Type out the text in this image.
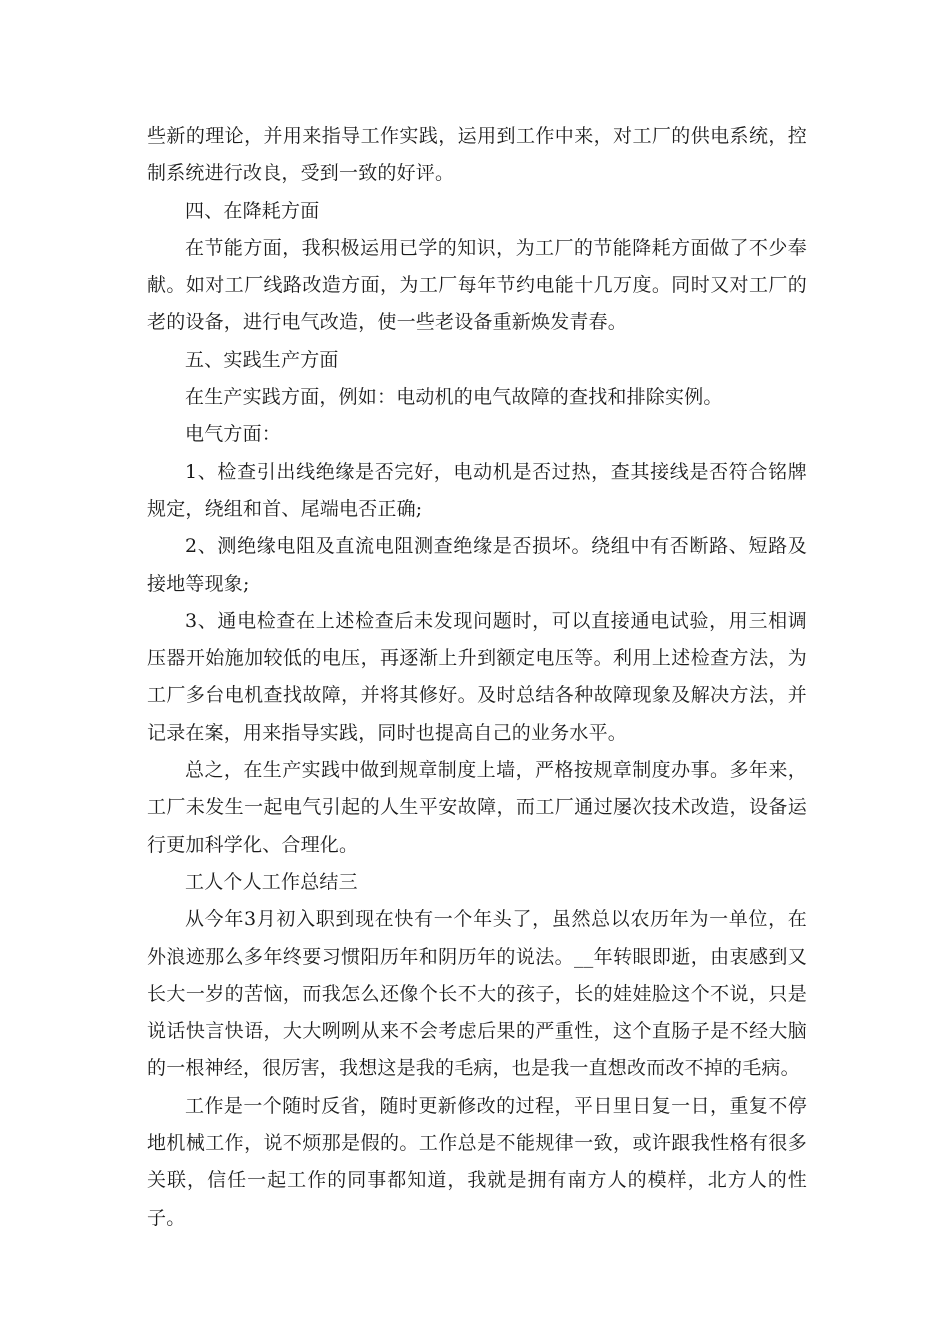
些新的理论，并用来指导工作实践，运用到工作中来，对工厂的供电系统，控制系统进行改良，受到一致的好评。

四、在降耗方面

在节能方面，我积极运用已学的知识，为工厂的节能降耗方面做了不少奉献。如对工厂线路改造方面，为工厂每年节约电能十几万度。同时又对工厂的老的设备，进行电气改造，使一些老设备重新焕发青春。

五、实践生产方面

在生产实践方面，例如：电动机的电气故障的查找和排除实例。

电气方面：

1、检查引出线绝缘是否完好，电动机是否过热，查其接线是否符合铭牌规定，绕组和首、尾端电否正确;

2、测绝缘电阻及直流电阻测查绝缘是否损坏。绕组中有否断路、短路及接地等现象;

3、通电检查在上述检查后未发现问题时，可以直接通电试验，用三相调压器开始施加较低的电压，再逐渐上升到额定电压等。利用上述检查方法，为工厂多台电机查找故障，并将其修好。及时总结各种故障现象及解决方法，并记录在案，用来指导实践，同时也提高自己的业务水平。

总之，在生产实践中做到规章制度上墙，严格按规章制度办事。多年来，工厂未发生一起电气引起的人生平安故障，而工厂通过屡次技术改造，设备运行更加科学化、合理化。

工人个人工作总结三

从今年3月初入职到现在快有一个年头了，虽然总以农历年为一单位，在外浪迹那么多年终要习惯阳历年和阴历年的说法。__年转眼即逝，由衷感到又长大一岁的苦恼，而我怎么还像个长不大的孩子，长的娃娃脸这个不说，只是说话快言快语，大大咧咧从来不会考虑后果的严重性，这个直肠子是不经大脑的一根神经，很厉害，我想这是我的毛病，也是我一直想改而改不掉的毛病。

工作是一个随时反省，随时更新修改的过程，平日里日复一日，重复不停地机械工作，说不烦那是假的。工作总是不能规律一致，或许跟我性格有很多关联，信任一起工作的同事都知道，我就是拥有南方人的模样，北方人的性子。
